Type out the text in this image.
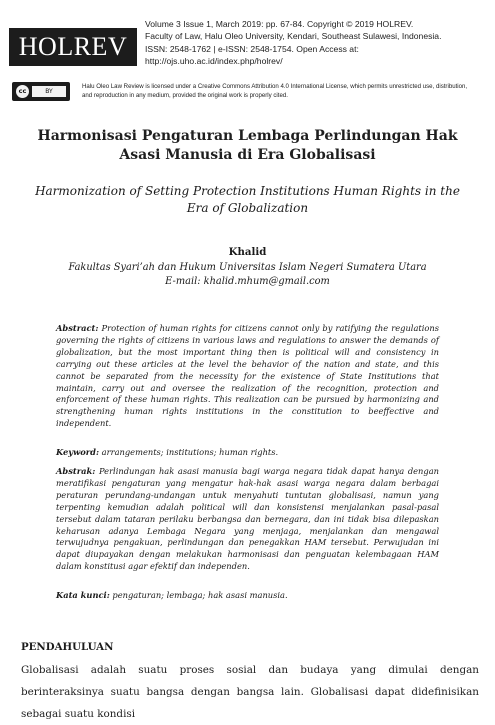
HOLREV
Volume 3 Issue 1, March 2019: pp. 67-84. Copyright © 2019 HOLREV.
Faculty of Law, Halu Oleo University, Kendari, Southeast Sulawesi, Indonesia.
ISSN: 2548-1762 | e-ISSN: 2548-1754. Open Access at:
http://ojs.uho.ac.id/index.php/holrev/
cc	BY
Halu Oleo Law Review is licensed under a Creative Commons Attribution 4.0 International License, which permits unrestricted use, distribution, and reproduction in any medium, provided the original work is properly cited.
Harmonisasi Pengaturan Lembaga Perlindungan Hak Asasi Manusia di Era Globalisasi
Harmonization of Setting Protection Institutions Human Rights in the Era of Globalization
Khalid
Fakultas Syari’ah dan Hukum Universitas Islam Negeri Sumatera Utara
E-mail: khalid.mhum@gmail.com
Abstract: Protection of human rights for citizens cannot only by ratifying the regulations governing the rights of citizens in various laws and regulations to answer the demands of globalization, but the most important thing then is political will and consistency in carrying out these articles at the level the behavior of the nation and state, and this cannot be separated from the necessity for the existence of State Institutions that maintain, carry out and oversee the realization of the recognition, protection and enforcement of these human rights. This realization can be pursued by harmonizing and strengthening human rights institutions in the constitution to beeffective and independent.
Keyword: arrangements; institutions; human rights.
Abstrak: Perlindungan hak asasi manusia bagi warga negara tidak dapat hanya dengan meratifikasi pengaturan yang mengatur hak-hak asasi warga negara dalam berbagai peraturan perundang-undangan untuk menyahuti tuntutan globalisasi, namun yang terpenting kemudian adalah political will dan konsistensi menjalankan pasal-pasal tersebut dalam tataran perilaku berbangsa dan bernegara, dan ini tidak bisa dilepaskan keharusan adanya Lembaga Negara yang menjaga, menjalankan dan mengawal terwujudnya pengakuan, perlindungan dan penegakkan HAM tersebut. Perwujudan ini dapat diupayakan dengan melakukan harmonisasi dan penguatan kelembagaan HAM dalam konstitusi agar efektif dan independen.
Kata kunci: pengaturan; lembaga; hak asasi manusia.
PENDAHULUAN
Globalisasi adalah suatu proses sosial dan budaya yang dimulai dengan berinteraksinya suatu bangsa dengan bangsa lain. Globalisasi dapat didefinisikan sebagai suatu kondisi
